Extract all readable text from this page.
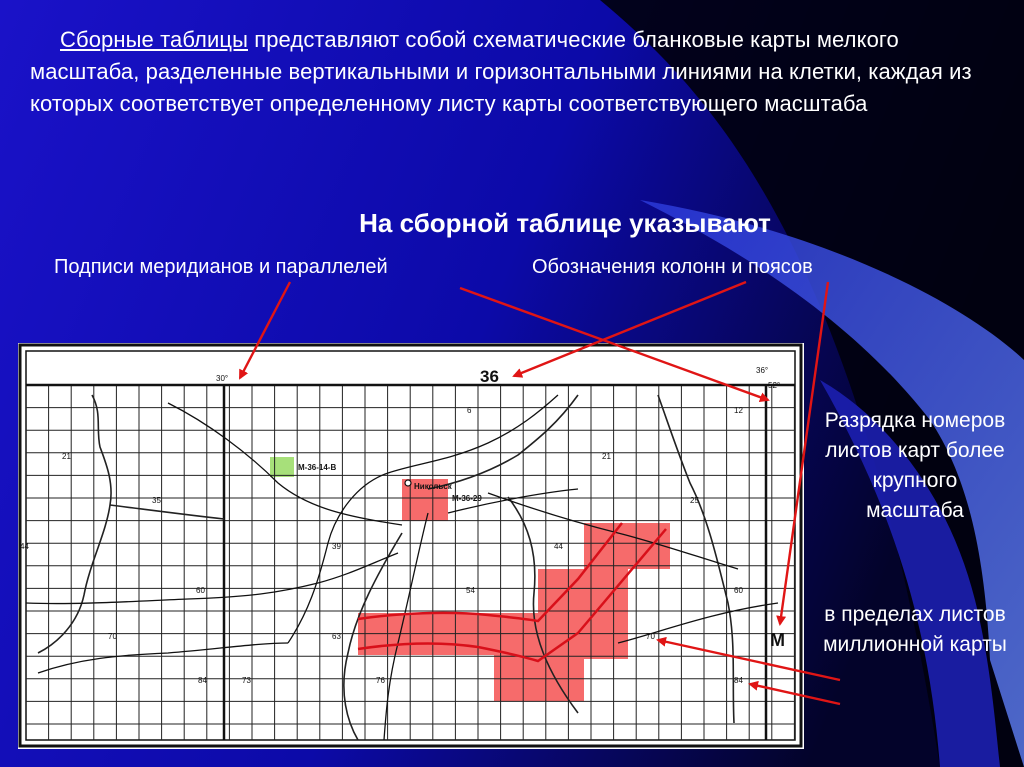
Сборные таблицы представляют собой схематические бланковые карты мелкого масштаба, разделенные вертикальными и горизонтальными линиями на клетки, каждая из которых соответствует определенному листу карты соответствующего масштаба

На сборной таблице указывают
Подписи меридианов и параллелей	Обозначения колонн и поясов
Разрядка номеров листов карт более крупного масштаба
в пределах листов миллионной карты
36
M
30°
36°
52°
M-36-14-В
M-36-29
Никольск
6	12
21	21
35	25
39
44	44
54
60	60
63
70	70
73	76
84	84
